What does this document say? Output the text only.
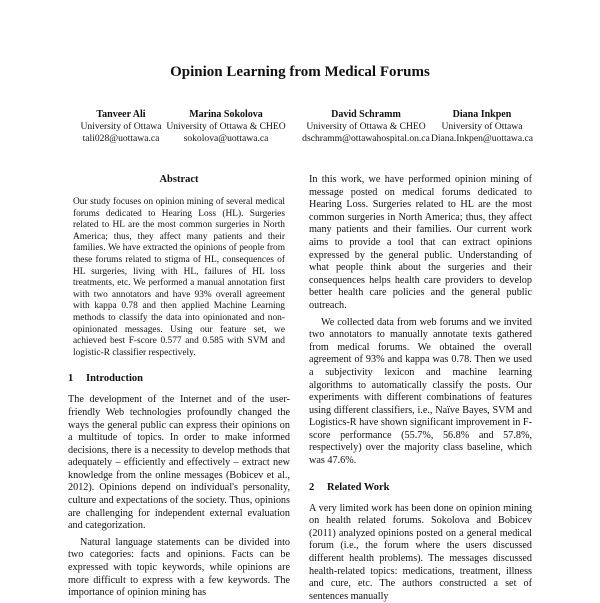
Opinion Learning from Medical Forums
Tanveer Ali
University of Ottawa
tali028@uottawa.ca
Marina Sokolova
University of Ottawa & CHEO
sokolova@uottawa.ca
David Schramm
University of Ottawa & CHEO
dschramm@ottawahospital.on.ca
Diana Inkpen
University of Ottawa
Diana.Inkpen@uottawa.ca
Abstract

Our study focuses on opinion mining of several medical forums dedicated to Hearing Loss (HL). Surgeries related to HL are the most common surgeries in North America; thus, they affect many patients and their families. We have extracted the opinions of people from these forums related to stigma of HL, consequences of HL surgeries, living with HL, failures of HL loss treatments, etc. We performed a manual annotation first with two annotators and have 93% overall agreement with kappa 0.78 and then applied Machine Learning methods to classify the data into opinionated and non-opinionated messages. Using our feature set, we achieved best F-score 0.577 and 0.585 with SVM and logistic-R classifier respectively.

1 Introduction

The development of the Internet and of the user-friendly Web technologies profoundly changed the ways the general public can express their opinions on a multitude of topics. In order to make informed decisions, there is a necessity to develop methods that adequately – efficiently and effectively – extract new knowledge from the online messages (Bobicev et al., 2012). Opinions depend on individual's personality, culture and expectations of the society. Thus, opinions are challenging for independent external evaluation and categorization.

Natural language statements can be divided into two categories: facts and opinions. Facts can be expressed with topic keywords, while opinions are more difficult to express with a few keywords. The importance of opinion mining has

In this work, we have performed opinion mining of message posted on medical forums dedicated to Hearing Loss. Surgeries related to HL are the most common surgeries in North America; thus, they affect many patients and their families. Our current work aims to provide a tool that can extract opinions expressed by the general public. Understanding of what people think about the surgeries and their consequences helps health care providers to develop better health care policies and the general public outreach.

We collected data from web forums and we invited two annotators to manually annotate texts gathered from medical forums. We obtained the overall agreement of 93% and kappa was 0.78. Then we used a subjectivity lexicon and machine learning algorithms to automatically classify the posts. Our experiments with different combinations of features using different classifiers, i.e., Naïve Bayes, SVM and Logistics-R have shown significant improvement in F-score performance (55.7%, 56.8% and 57.8%, respectively) over the majority class baseline, which was 47.6%.

2 Related Work

A very limited work has been done on opinion mining on health related forums. Sokolova and Bobicev (2011) analyzed opinions posted on a general medical forum (i.e., the forum where the users discussed different health problems). The messages discussed health-related topics: medications, treatment, illness and cure, etc. The authors constructed a set of sentences manually
